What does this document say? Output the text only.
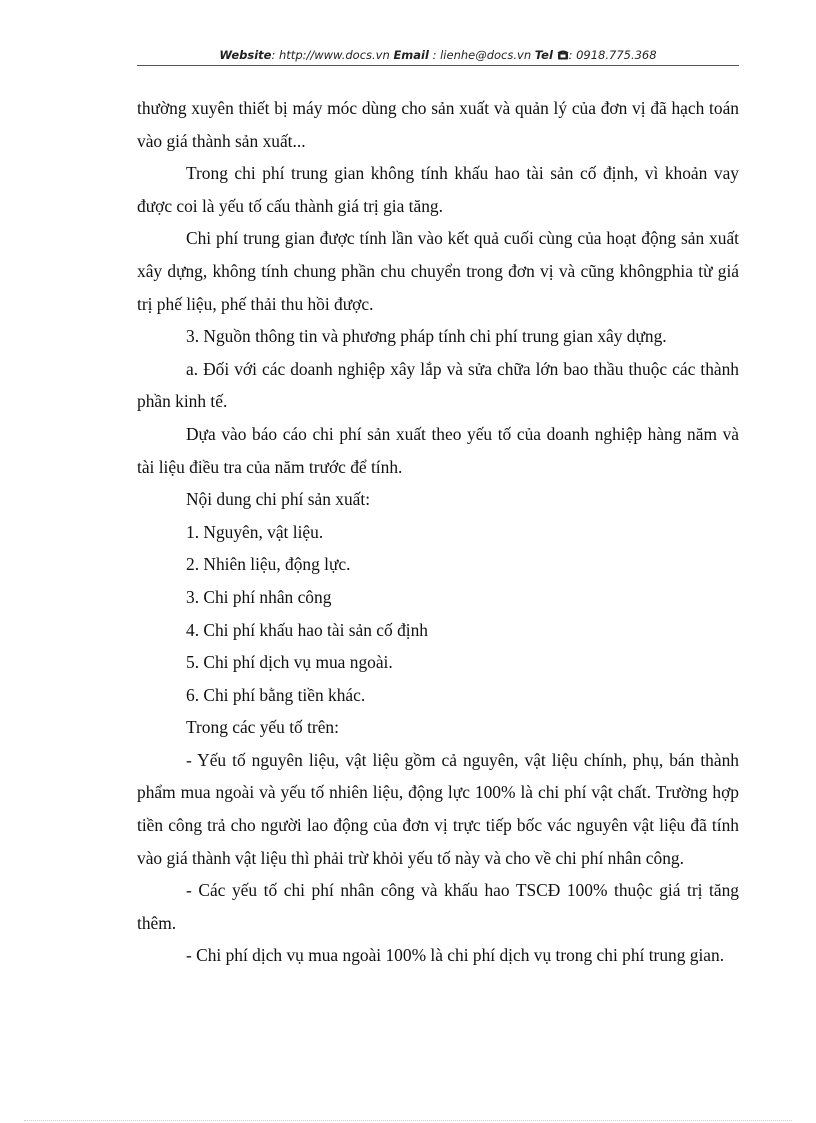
Website: http://www.docs.vn Email : lienhe@docs.vn Tel : 0918.775.368

thường xuyên thiết bị máy móc dùng cho sản xuất và quản lý của đơn vị đã hạch toán vào giá thành sản xuất...

Trong chi phí trung gian không tính khấu hao tài sản cố định, vì khoản vay được coi là yếu tố cấu thành giá trị gia tăng.

Chi phí trung gian được tính lần vào kết quả cuối cùng của hoạt động sản xuất xây dựng, không tính chung phần chu chuyển trong đơn vị và cũng khôngphia từ giá trị phế liệu, phế thải thu hồi được.

3. Nguồn thông tin và phương pháp tính chi phí trung gian xây dựng.

a. Đối với các doanh nghiệp xây lắp và sửa chữa lớn bao thầu thuộc các thành phần kinh tế.

Dựa vào báo cáo chi phí sản xuất theo yếu tố của doanh nghiệp hàng năm và tài liệu điều tra của năm trước để tính.

Nội dung chi phí sản xuất:

1. Nguyên, vật liệu.

2. Nhiên liệu, động lực.

3. Chi phí nhân công

4. Chi phí khấu hao tài sản cố định

5. Chi phí dịch vụ mua ngoài.

6. Chi phí bằng tiền khác.

Trong các yếu tố trên:

- Yếu tố nguyên liệu, vật liệu gồm cả nguyên, vật liệu chính, phụ, bán thành phẩm mua ngoài và yếu tố nhiên liệu, động lực 100% là chi phí vật chất. Trường hợp tiền công trả cho người lao động của đơn vị trực tiếp bốc vác nguyên vật liệu đã tính vào giá thành vật liệu thì phải trừ khỏi yếu tố này và cho về chi phí nhân công.

- Các yếu tố chi phí nhân công và khấu hao TSCĐ 100% thuộc giá trị tăng thêm.

- Chi phí dịch vụ mua ngoài 100% là chi phí dịch vụ trong chi phí trung gian.
